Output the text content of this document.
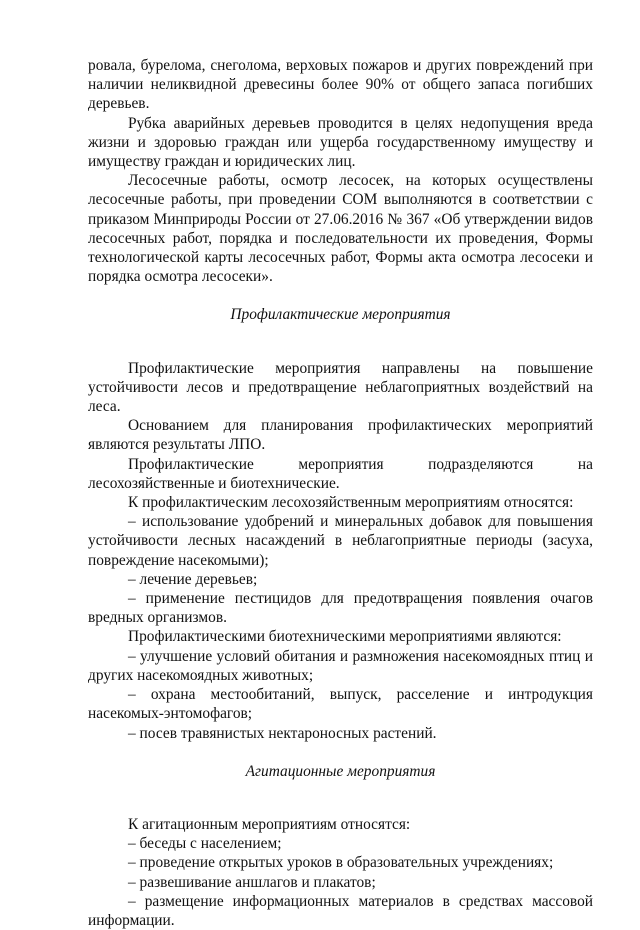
ровала, бурелома, снеголома, верховых пожаров и других повреждений при наличии неликвидной древесины более 90% от общего запаса погибших деревьев.

Рубка аварийных деревьев проводится в целях недопущения вреда жизни и здоровью граждан или ущерба государственному имуществу и имуществу граждан и юридических лиц.

Лесосечные работы, осмотр лесосек, на которых осуществлены лесосечные работы, при проведении СОМ выполняются в соответствии с приказом Минприроды России от 27.06.2016 № 367 «Об утверждении видов лесосечных работ, порядка и последовательности их проведения, Формы технологической карты лесосечных работ, Формы акта осмотра лесосеки и порядка осмотра лесосеки».

Профилактические мероприятия

Профилактические мероприятия направлены на повышение устойчивости лесов и предотвращение неблагоприятных воздействий на леса.

Основанием для планирования профилактических мероприятий являются результаты ЛПО.

Профилактические мероприятия подразделяются на лесохозяйственные и биотехнические.

К профилактическим лесохозяйственным мероприятиям относятся:

– использование удобрений и минеральных добавок для повышения устойчивости лесных насаждений в неблагоприятные периоды (засуха, повреждение насекомыми);

– лечение деревьев;

– применение пестицидов для предотвращения появления очагов вредных организмов.

Профилактическими биотехническими мероприятиями являются:

– улучшение условий обитания и размножения насекомоядных птиц и других насекомоядных животных;

– охрана местообитаний, выпуск, расселение и интродукция насекомых-энтомофагов;

– посев травянистых нектароносных растений.

Агитационные мероприятия

К агитационным мероприятиям относятся:

– беседы с населением;

– проведение открытых уроков в образовательных учреждениях;

– развешивание аншлагов и плакатов;

– размещение информационных материалов в средствах массовой информации.
